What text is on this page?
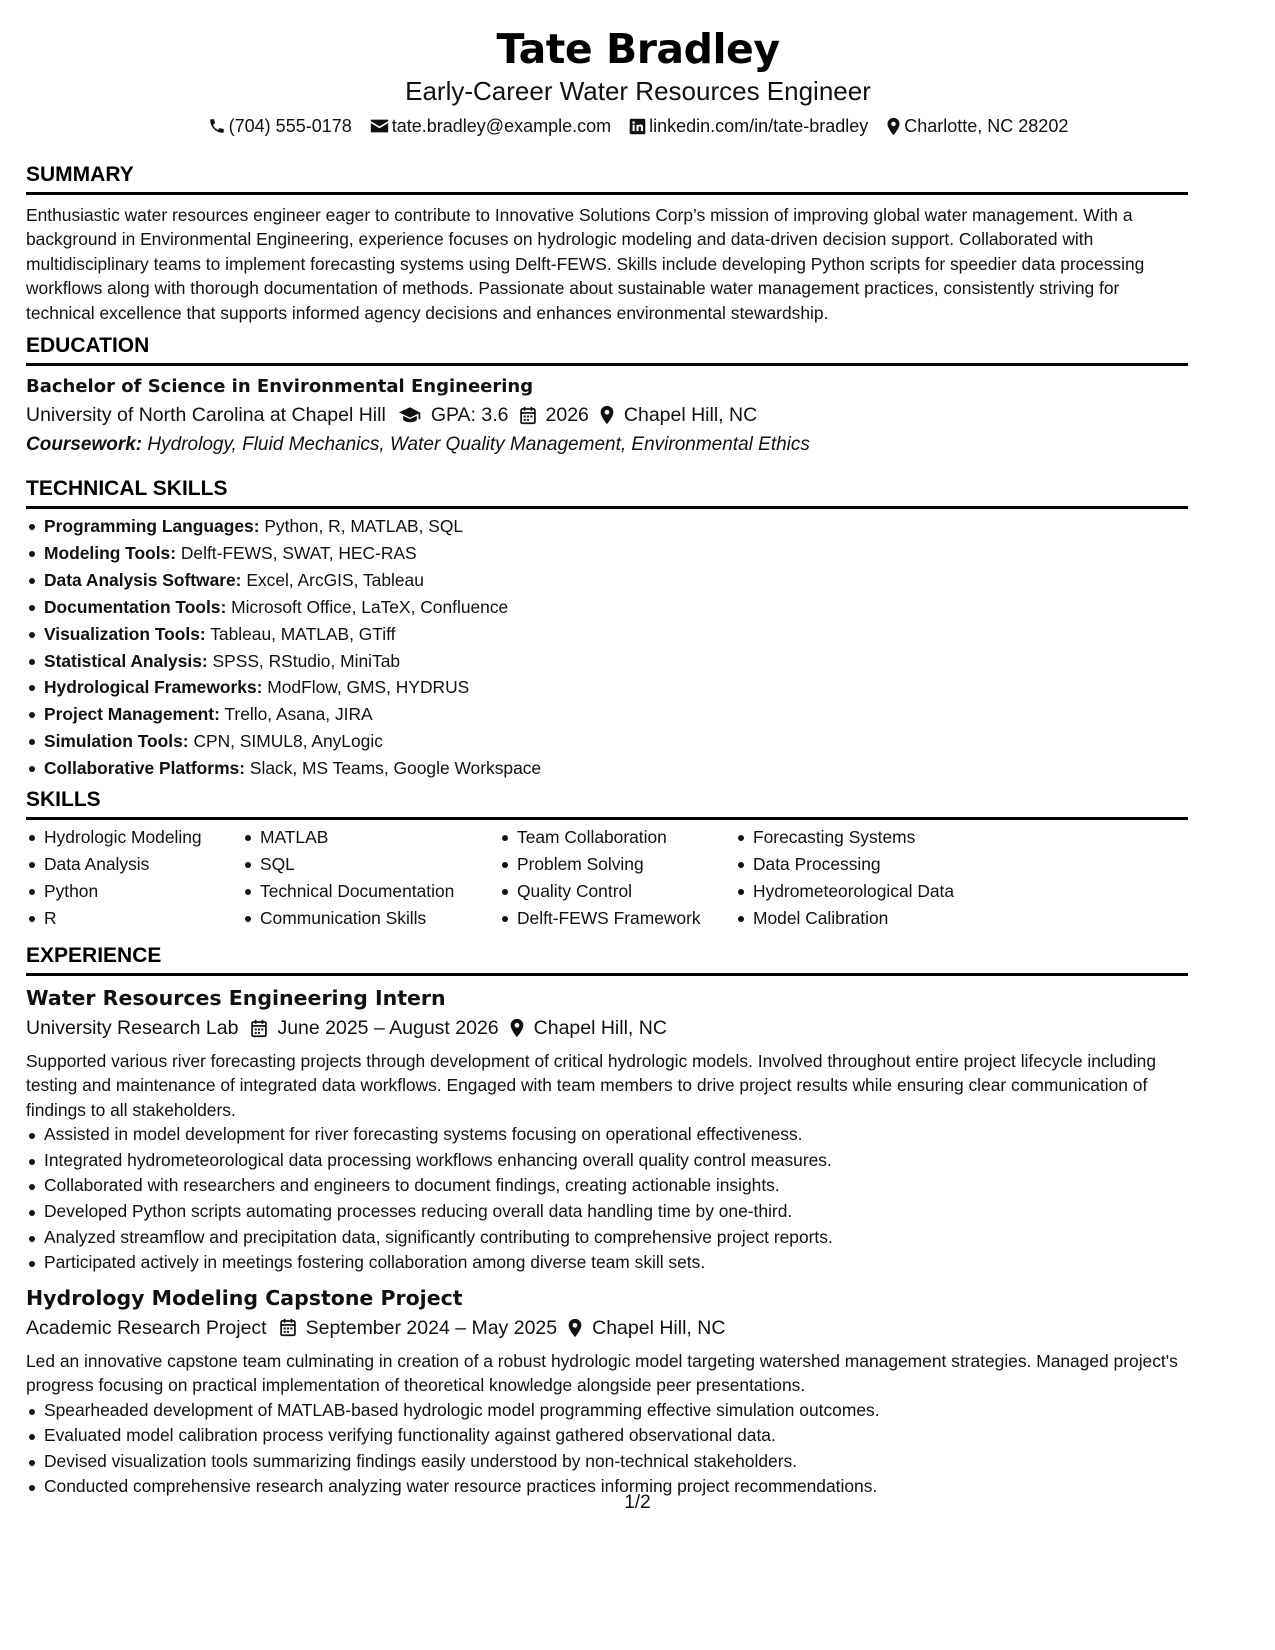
Tate Bradley
Early-Career Water Resources Engineer
(704) 555-0178 tate.bradley@example.com linkedin.com/in/tate-bradley Charlotte, NC 28202
SUMMARY
Enthusiastic water resources engineer eager to contribute to Innovative Solutions Corp’s mission of improving global water management. With a background in Environmental Engineering, experience focuses on hydrologic modeling and data-driven decision support. Collaborated with multidisciplinary teams to implement forecasting systems using Delft-FEWS. Skills include developing Python scripts for speedier data processing workflows along with thorough documentation of methods. Passionate about sustainable water management practices, consistently striving for technical excellence that supports informed agency decisions and enhances environmental stewardship.
EDUCATION
Bachelor of Science in Environmental Engineering
University of North Carolina at Chapel Hill GPA: 3.6 2026 Chapel Hill, NC
Coursework: Hydrology, Fluid Mechanics, Water Quality Management, Environmental Ethics
TECHNICAL SKILLS
Programming Languages: Python, R, MATLAB, SQL
Modeling Tools: Delft-FEWS, SWAT, HEC-RAS
Data Analysis Software: Excel, ArcGIS, Tableau
Documentation Tools: Microsoft Office, LaTeX, Confluence
Visualization Tools: Tableau, MATLAB, GTiff
Statistical Analysis: SPSS, RStudio, MiniTab
Hydrological Frameworks: ModFlow, GMS, HYDRUS
Project Management: Trello, Asana, JIRA
Simulation Tools: CPN, SIMUL8, AnyLogic
Collaborative Platforms: Slack, MS Teams, Google Workspace
SKILLS
Hydrologic Modeling
Data Analysis
Python
R
MATLAB
SQL
Technical Documentation
Communication Skills
Team Collaboration
Problem Solving
Quality Control
Delft-FEWS Framework
Forecasting Systems
Data Processing
Hydrometeorological Data
Model Calibration
EXPERIENCE
Water Resources Engineering Intern
University Research Lab June 2025 – August 2026 Chapel Hill, NC
Supported various river forecasting projects through development of critical hydrologic models. Involved throughout entire project lifecycle including testing and maintenance of integrated data workflows. Engaged with team members to drive project results while ensuring clear communication of findings to all stakeholders.
Assisted in model development for river forecasting systems focusing on operational effectiveness.
Integrated hydrometeorological data processing workflows enhancing overall quality control measures.
Collaborated with researchers and engineers to document findings, creating actionable insights.
Developed Python scripts automating processes reducing overall data handling time by one-third.
Analyzed streamflow and precipitation data, significantly contributing to comprehensive project reports.
Participated actively in meetings fostering collaboration among diverse team skill sets.
Hydrology Modeling Capstone Project
Academic Research Project September 2024 – May 2025 Chapel Hill, NC
Led an innovative capstone team culminating in creation of a robust hydrologic model targeting watershed management strategies. Managed project's progress focusing on practical implementation of theoretical knowledge alongside peer presentations.
Spearheaded development of MATLAB-based hydrologic model programming effective simulation outcomes.
Evaluated model calibration process verifying functionality against gathered observational data.
Devised visualization tools summarizing findings easily understood by non-technical stakeholders.
Conducted comprehensive research analyzing water resource practices informing project recommendations.
1/2
